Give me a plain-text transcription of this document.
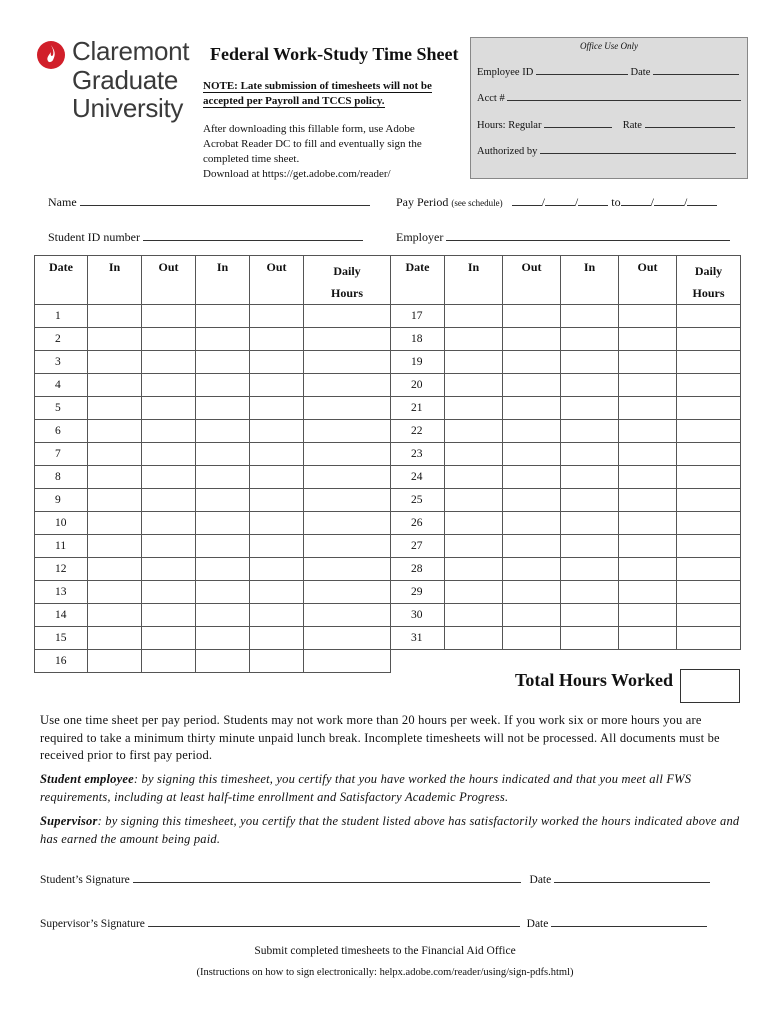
Claremont
Graduate
University
Federal Work-Study Time Sheet
NOTE: Late submission of timesheets will not be accepted per Payroll and TCCS policy.
After downloading this fillable form, use Adobe Acrobat Reader DC to fill and eventually sign the completed time sheet.
Download at https://get.adobe.com/reader/
Office Use Only
Employee ID	Date
Acct #
Hours: Regular	Rate
Authorized by
Name	Pay Period (see schedule)	/	/	to	/	/
Student ID number	Employer
Date	In	Out	In	Out	Daily
Hours

1					
2					
3					
4					
5					
6					
7					
8					
9					
10					
11					
12					
13					
14					
15					
16					
Date	In	Out	In	Out	Daily
Hours

17					
18					
19					
20					
21					
22					
23					
24					
25					
26					
27					
28					
29					
30					
31					
Total Hours Worked
Use one time sheet per pay period. Students may not work more than 20 hours per week. If you work six or more hours you are required to take a minimum thirty minute unpaid lunch break. Incomplete timesheets will not be processed. All documents must be received prior to first pay period.
Student employee: by signing this timesheet, you certify that you have worked the hours indicated and that you meet all FWS requirements, including at least half-time enrollment and Satisfactory Academic Progress.
Supervisor: by signing this timesheet, you certify that the student listed above has satisfactorily worked the hours indicated above and has earned the amount being paid.
Student’s Signature	Date
Supervisor’s Signature	Date
Submit completed timesheets to the Financial Aid Office
(Instructions on how to sign electronically: helpx.adobe.com/reader/using/sign-pdfs.html)
